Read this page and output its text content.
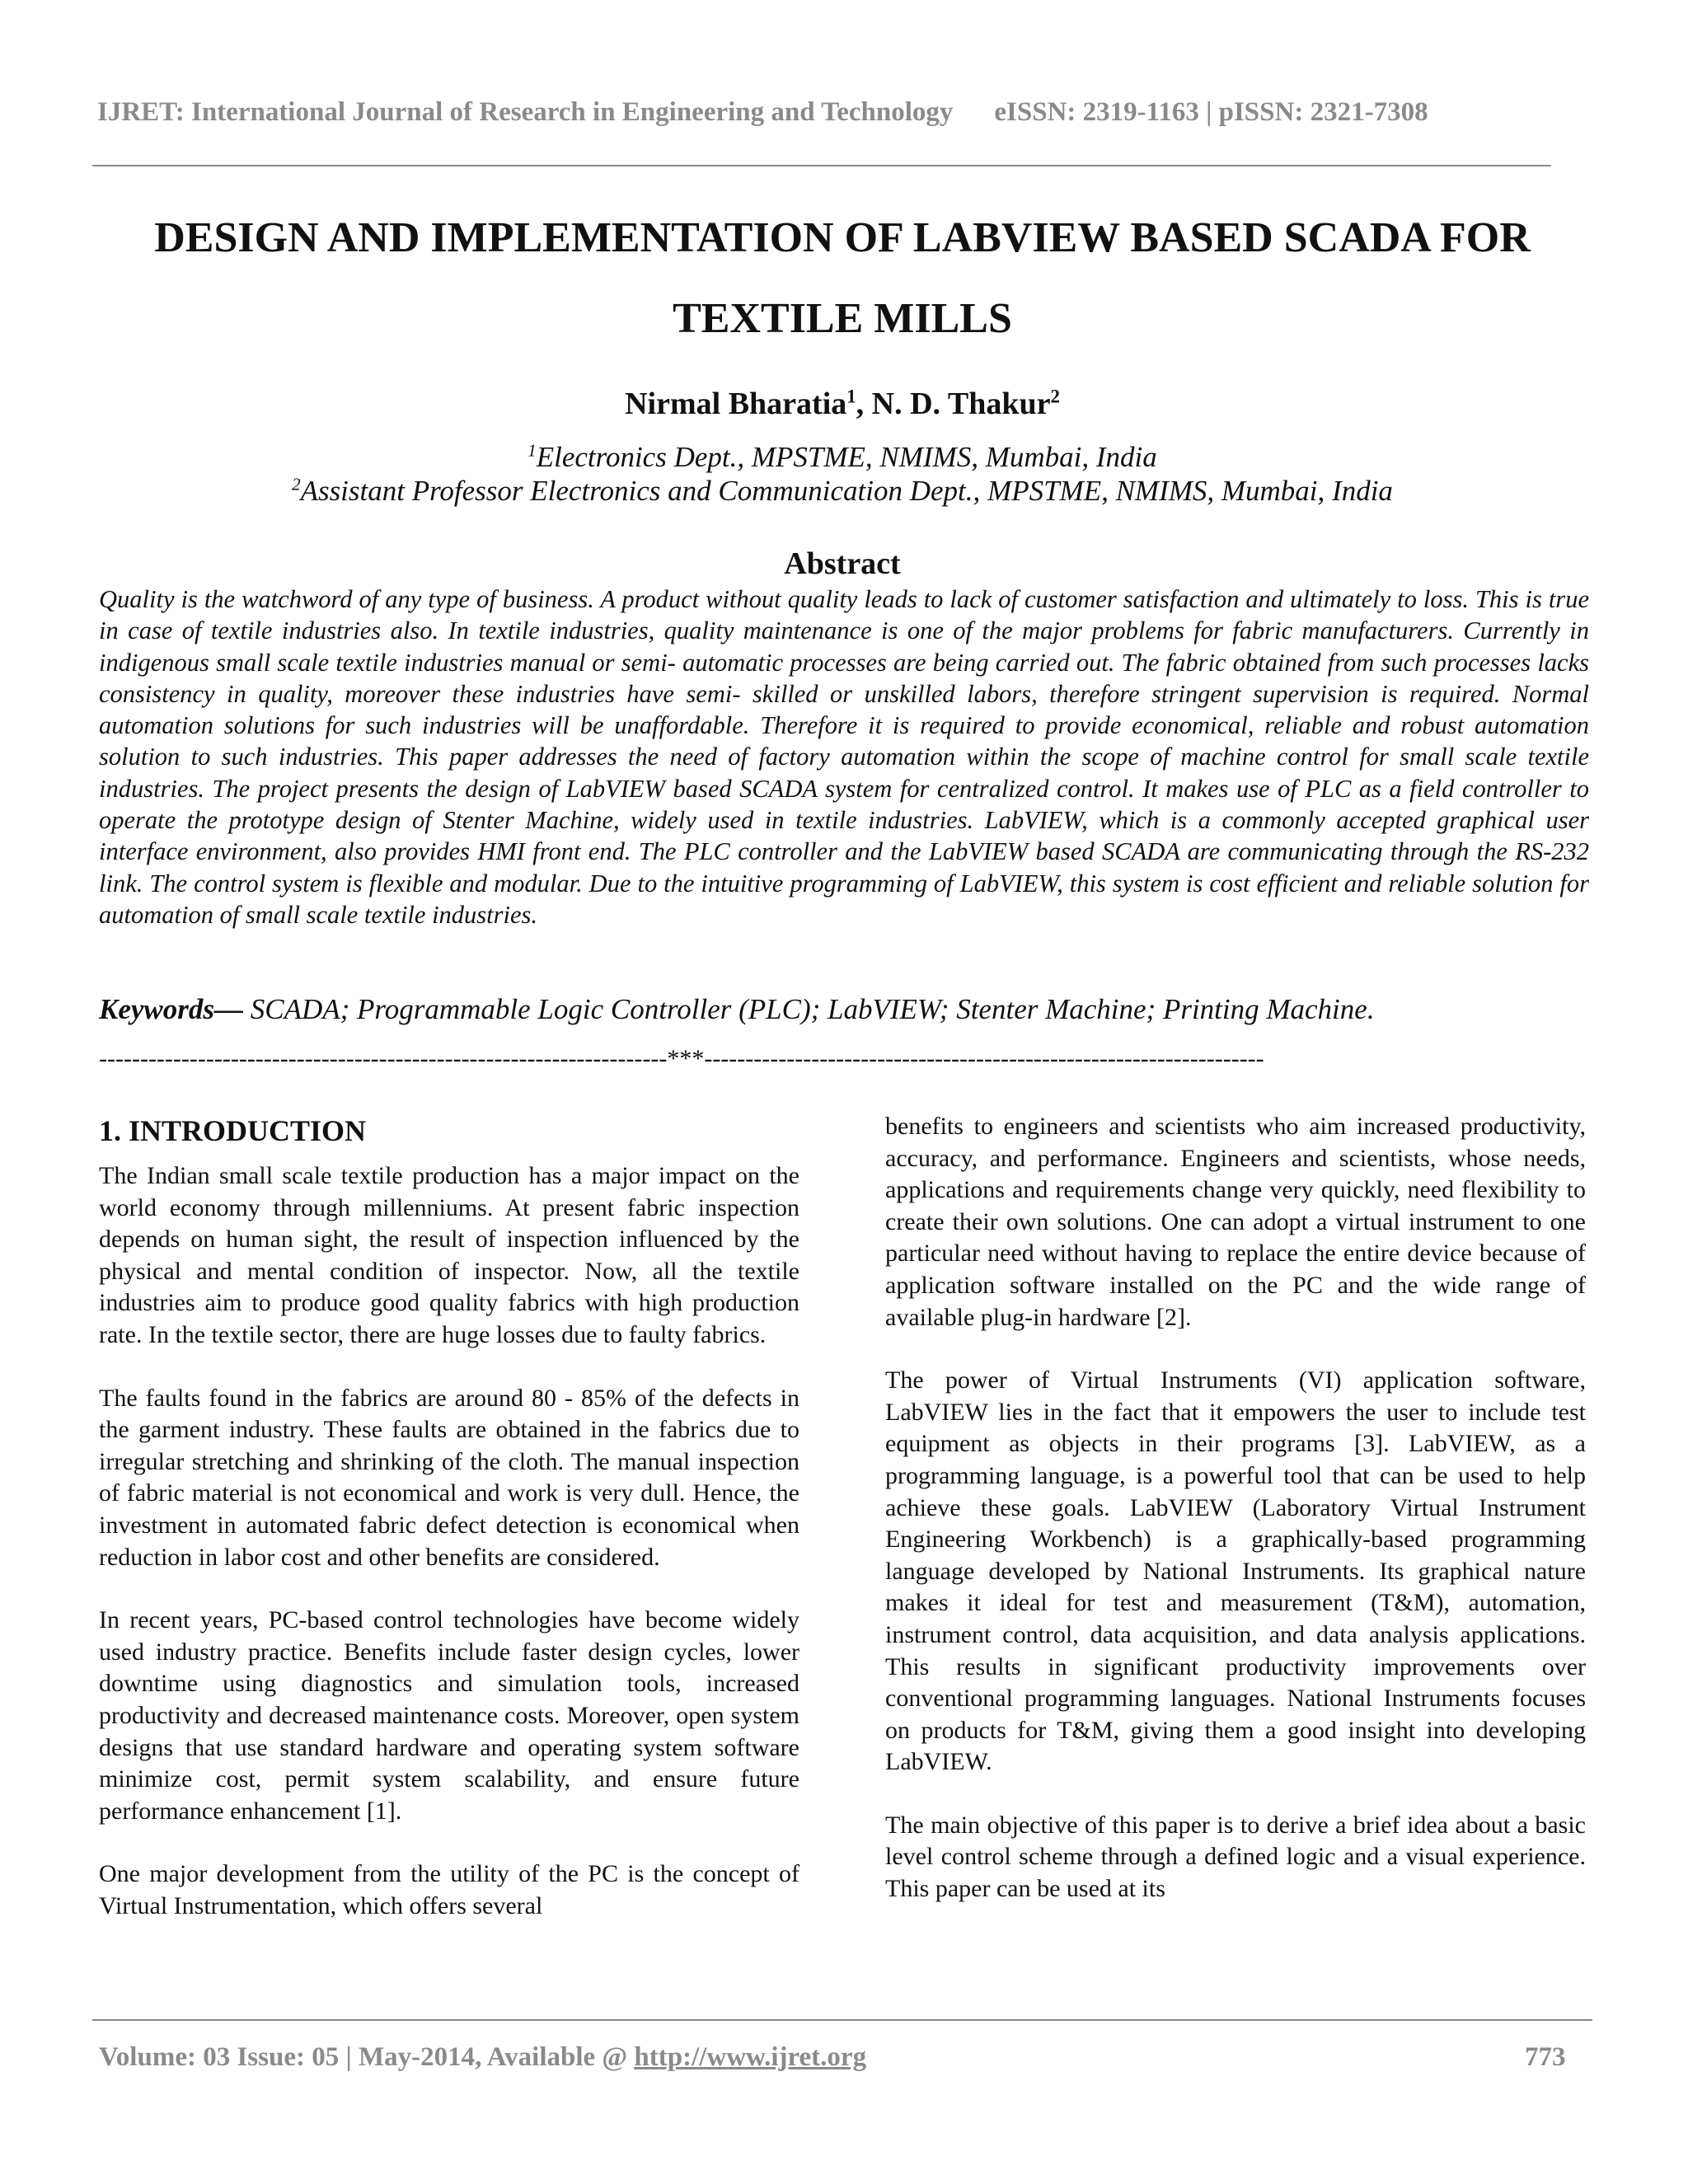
IJRET: International Journal of Research in Engineering and Technology eISSN: 2319-1163 | pISSN: 2321-7308
DESIGN AND IMPLEMENTATION OF LABVIEW BASED SCADA FOR
TEXTILE MILLS
Nirmal Bharatia$^1$, N. D. Thakur$^2$
$^1$Electronics Dept., MPSTME, NMIMS, Mumbai, India
$^2$Assistant Professor Electronics and Communication Dept., MPSTME, NMIMS, Mumbai, India
Abstract
Quality is the watchword of any type of business. A product without quality leads to lack of customer satisfaction and ultimately to loss. This is true in case of textile industries also. In textile industries, quality maintenance is one of the major problems for fabric manufacturers. Currently in indigenous small scale textile industries manual or semi- automatic processes are being carried out. The fabric obtained from such processes lacks consistency in quality, moreover these industries have semi- skilled or unskilled labors, therefore stringent supervision is required. Normal automation solutions for such industries will be unaffordable. Therefore it is required to provide economical, reliable and robust automation solution to such industries. This paper addresses the need of factory automation within the scope of machine control for small scale textile industries. The project presents the design of LabVIEW based SCADA system for centralized control. It makes use of PLC as a field controller to operate the prototype design of Stenter Machine, widely used in textile industries. LabVIEW, which is a commonly accepted graphical user interface environment, also provides HMI front end. The PLC controller and the LabVIEW based SCADA are communicating through the RS-232 link. The control system is flexible and modular. Due to the intuitive programming of LabVIEW, this system is cost efficient and reliable solution for automation of small scale textile industries.
Keywords— SCADA; Programmable Logic Controller (PLC); LabVIEW; Stenter Machine; Printing Machine.
---------------------------------------------------------------------***--------------------------------------------------------------------
1. INTRODUCTION

The Indian small scale textile production has a major impact on the world economy through millenniums. At present fabric inspection depends on human sight, the result of inspection influenced by the physical and mental condition of inspector. Now, all the textile industries aim to produce good quality fabrics with high production rate. In the textile sector, there are huge losses due to faulty fabrics.

The faults found in the fabrics are around 80 - 85% of the defects in the garment industry. These faults are obtained in the fabrics due to irregular stretching and shrinking of the cloth. The manual inspection of fabric material is not economical and work is very dull. Hence, the investment in automated fabric defect detection is economical when reduction in labor cost and other benefits are considered.

In recent years, PC-based control technologies have become widely used industry practice. Benefits include faster design cycles, lower downtime using diagnostics and simulation tools, increased productivity and decreased maintenance costs. Moreover, open system designs that use standard hardware and operating system software minimize cost, permit system scalability, and ensure future performance enhancement [1].

One major development from the utility of the PC is the concept of Virtual Instrumentation, which offers several

benefits to engineers and scientists who aim increased productivity, accuracy, and performance. Engineers and scientists, whose needs, applications and requirements change very quickly, need flexibility to create their own solutions. One can adopt a virtual instrument to one particular need without having to replace the entire device because of application software installed on the PC and the wide range of available plug-in hardware [2].

The power of Virtual Instruments (VI) application software, LabVIEW lies in the fact that it empowers the user to include test equipment as objects in their programs [3]. LabVIEW, as a programming language, is a powerful tool that can be used to help achieve these goals. LabVIEW (Laboratory Virtual Instrument Engineering Workbench) is a graphically-based programming language developed by National Instruments. Its graphical nature makes it ideal for test and measurement (T&M), automation, instrument control, data acquisition, and data analysis applications. This results in significant productivity improvements over conventional programming languages. National Instruments focuses on products for T&M, giving them a good insight into developing LabVIEW.

The main objective of this paper is to derive a brief idea about a basic level control scheme through a defined logic and a visual experience. This paper can be used at its

Volume: 03 Issue: 05 | May-2014, Available @ http://www.ijret.org	773
